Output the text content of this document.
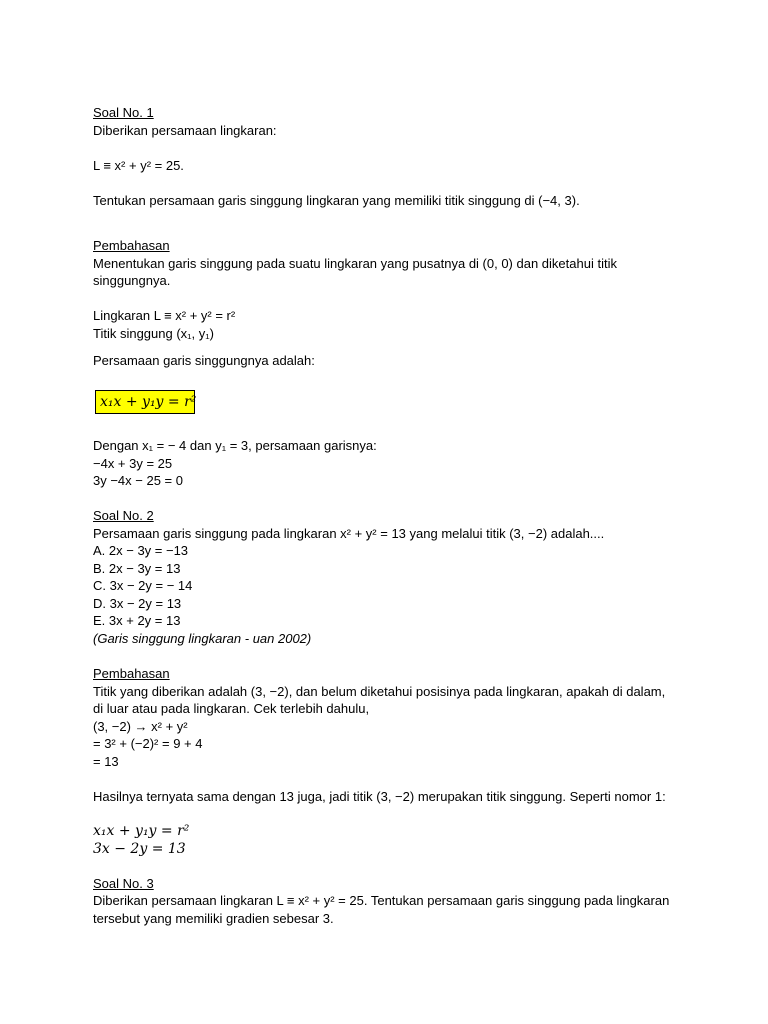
Soal No. 1
Diberikan persamaan lingkaran:
L ≡ x² + y² = 25.
Tentukan persamaan garis singgung lingkaran yang memiliki titik singgung di (−4, 3).
Pembahasan
Menentukan garis singgung pada suatu lingkaran yang pusatnya di (0, 0) dan diketahui titik
singgungnya.
Lingkaran L ≡ x² + y² = r²
Titik singgung (x₁, y₁)
Persamaan garis singgungnya adalah:
x₁x + y₁y = r²
Dengan x₁ = − 4 dan y₁ = 3, persamaan garisnya:
−4x + 3y = 25
3y −4x − 25 = 0
Soal No. 2
Persamaan garis singgung pada lingkaran x² + y² = 13 yang melalui titik (3, −2) adalah....
A. 2x − 3y = −13
B. 2x − 3y = 13
C. 3x − 2y = − 14
D. 3x − 2y = 13
E. 3x + 2y = 13
(Garis singgung lingkaran - uan 2002)
Pembahasan
Titik yang diberikan adalah (3, −2), dan belum diketahui posisinya pada lingkaran, apakah di dalam,
di luar atau pada lingkaran. Cek terlebih dahulu,
(3, −2) → x² + y²
= 3² + (−2)² = 9 + 4
= 13
Hasilnya ternyata sama dengan 13 juga, jadi titik (3, −2) merupakan titik singgung. Seperti nomor 1:
x₁x + y₁y = r²
3x − 2y = 13
Soal No. 3
Diberikan persamaan lingkaran L ≡ x² + y² = 25. Tentukan persamaan garis singgung pada lingkaran
tersebut yang memiliki gradien sebesar 3.
